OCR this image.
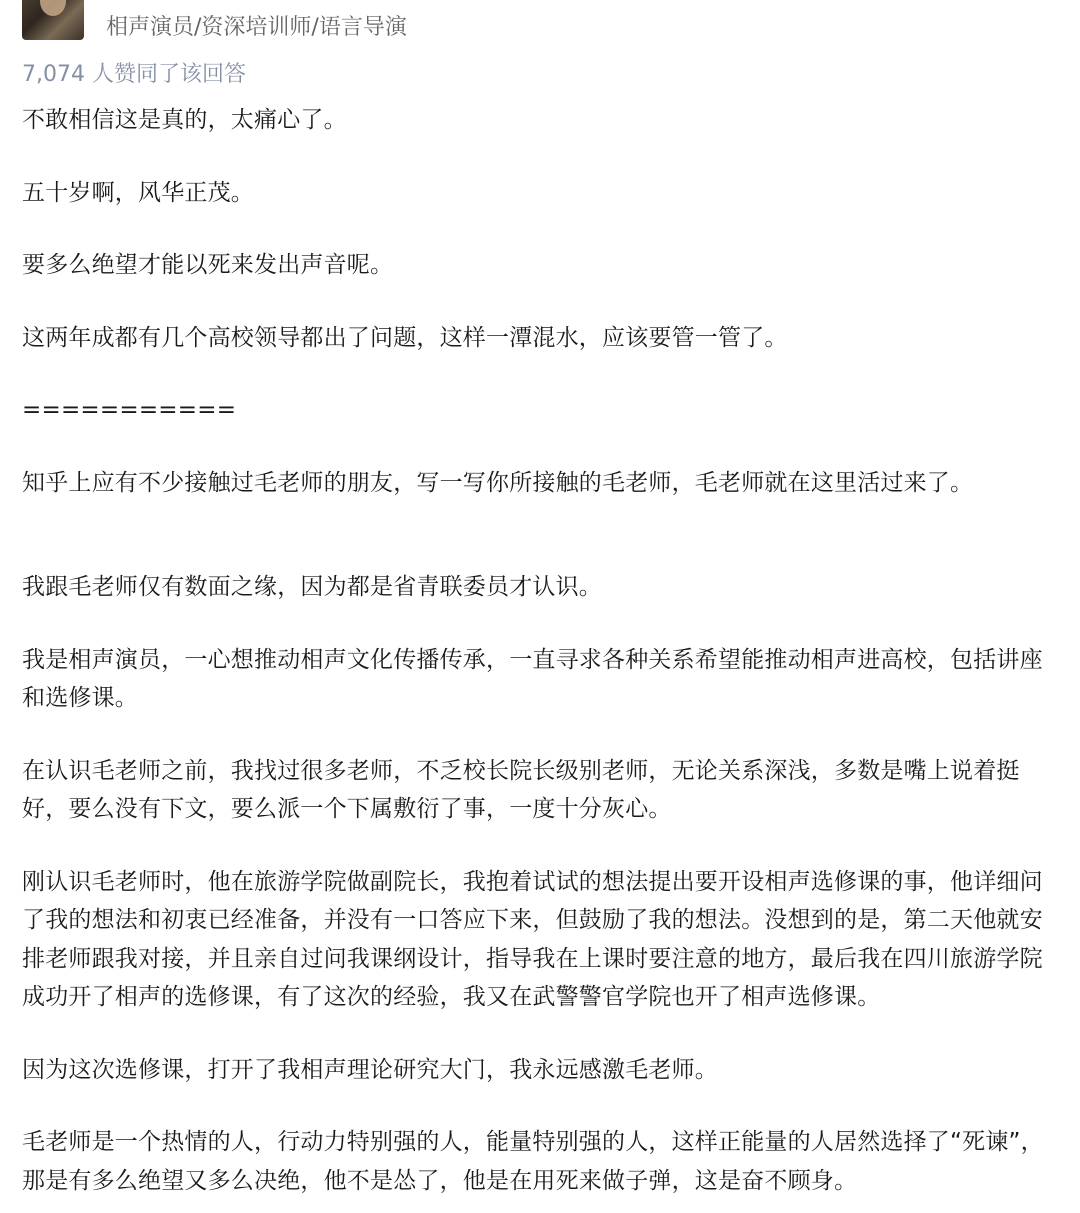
相声演员/资深培训师/语言导演
7,074 人赞同了该回答

不敢相信这是真的，太痛心了。

五十岁啊，风华正茂。

要多么绝望才能以死来发出声音呢。

这两年成都有几个高校领导都出了问题，这样一潭混水，应该要管一管了。

===========

知乎上应有不少接触过毛老师的朋友，写一写你所接触的毛老师，毛老师就在这里活过来了。

我跟毛老师仅有数面之缘，因为都是省青联委员才认识。

我是相声演员，一心想推动相声文化传播传承，一直寻求各种关系希望能推动相声进高校，包括讲座和选修课。

在认识毛老师之前，我找过很多老师，不乏校长院长级别老师，无论关系深浅，多数是嘴上说着挺好，要么没有下文，要么派一个下属敷衍了事，一度十分灰心。

刚认识毛老师时，他在旅游学院做副院长，我抱着试试的想法提出要开设相声选修课的事，他详细问了我的想法和初衷已经准备，并没有一口答应下来，但鼓励了我的想法。没想到的是，第二天他就安排老师跟我对接，并且亲自过问我课纲设计，指导我在上课时要注意的地方，最后我在四川旅游学院成功开了相声的选修课，有了这次的经验，我又在武警警官学院也开了相声选修课。

因为这次选修课，打开了我相声理论研究大门，我永远感激毛老师。

毛老师是一个热情的人，行动力特别强的人，能量特别强的人，这样正能量的人居然选择了“死谏”，那是有多么绝望又多么决绝，他不是怂了，他是在用死来做子弹，这是奋不顾身。
